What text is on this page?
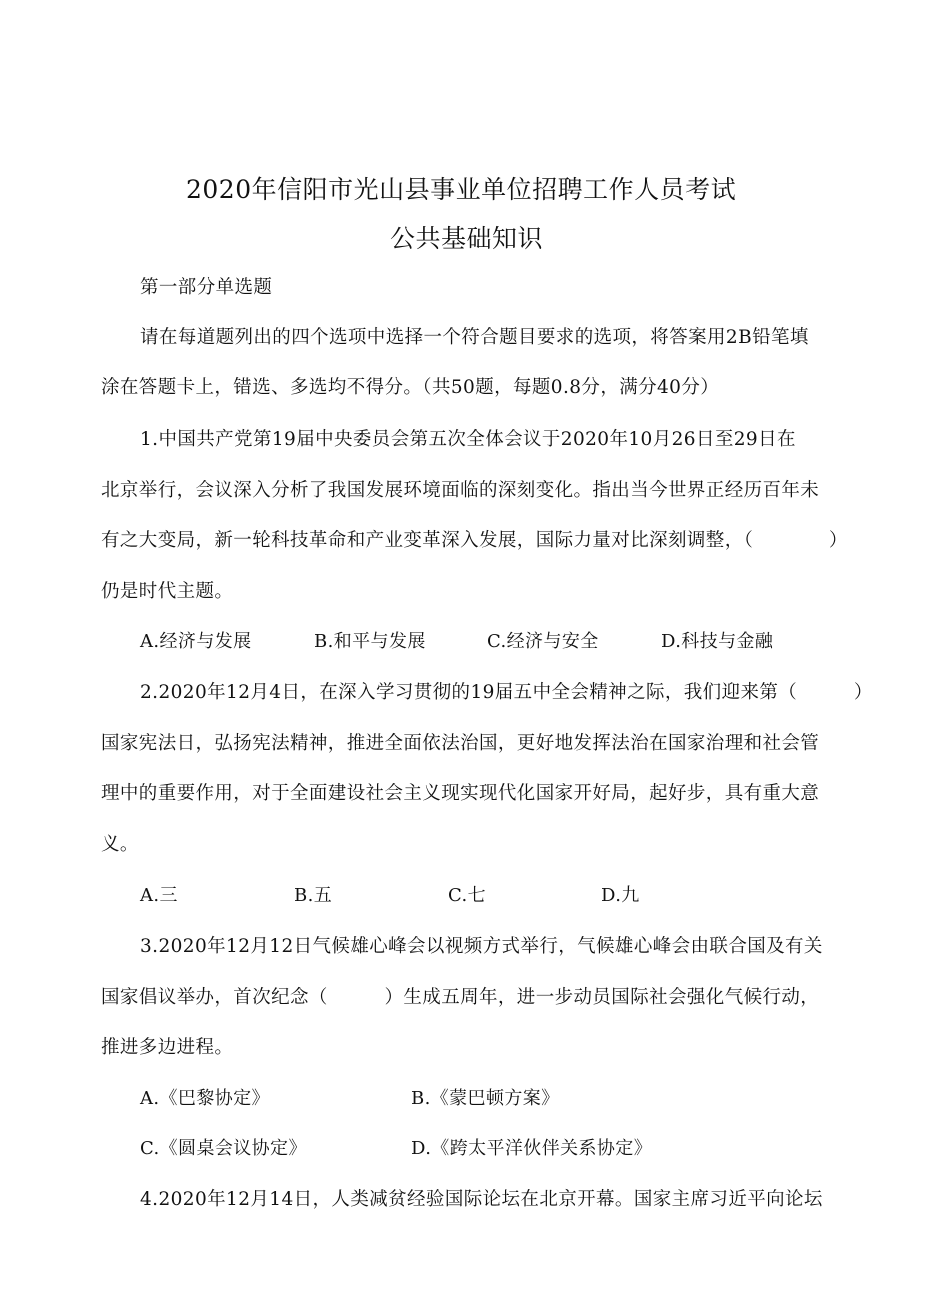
2020年信阳市光山县事业单位招聘工作人员考试
公共基础知识
第一部分单选题
请在每道题列出的四个选项中选择一个符合题目要求的选项，将答案用2B铅笔填
涂在答题卡上，错选、多选均不得分。（共50题，每题0.8分，满分40分）
1.中国共产党第19届中央委员会第五次全体会议于2020年10月26日至29日在
北京举行，会议深入分析了我国发展环境面临的深刻变化。指出当今世界正经历百年未
有之大变局，新一轮科技革命和产业变革深入发展，国际力量对比深刻调整，（　　　　）
仍是时代主题。
A.经济与发展	B.和平与发展	C.经济与安全	D.科技与金融
2.2020年12月4日，在深入学习贯彻的19届五中全会精神之际，我们迎来第（　　　）
国家宪法日，弘扬宪法精神，推进全面依法治国，更好地发挥法治在国家治理和社会管
理中的重要作用，对于全面建设社会主义现实现代化国家开好局，起好步，具有重大意
义。
A.三	B.五	C.七	D.九
3.2020年12月12日气候雄心峰会以视频方式举行，气候雄心峰会由联合国及有关
国家倡议举办，首次纪念（　　　）生成五周年，进一步动员国际社会强化气候行动，
推进多边进程。
A.《巴黎协定》	B.《蒙巴顿方案》
C.《圆桌会议协定》	D.《跨太平洋伙伴关系协定》
4.2020年12月14日，人类减贫经验国际论坛在北京开幕。国家主席习近平向论坛
